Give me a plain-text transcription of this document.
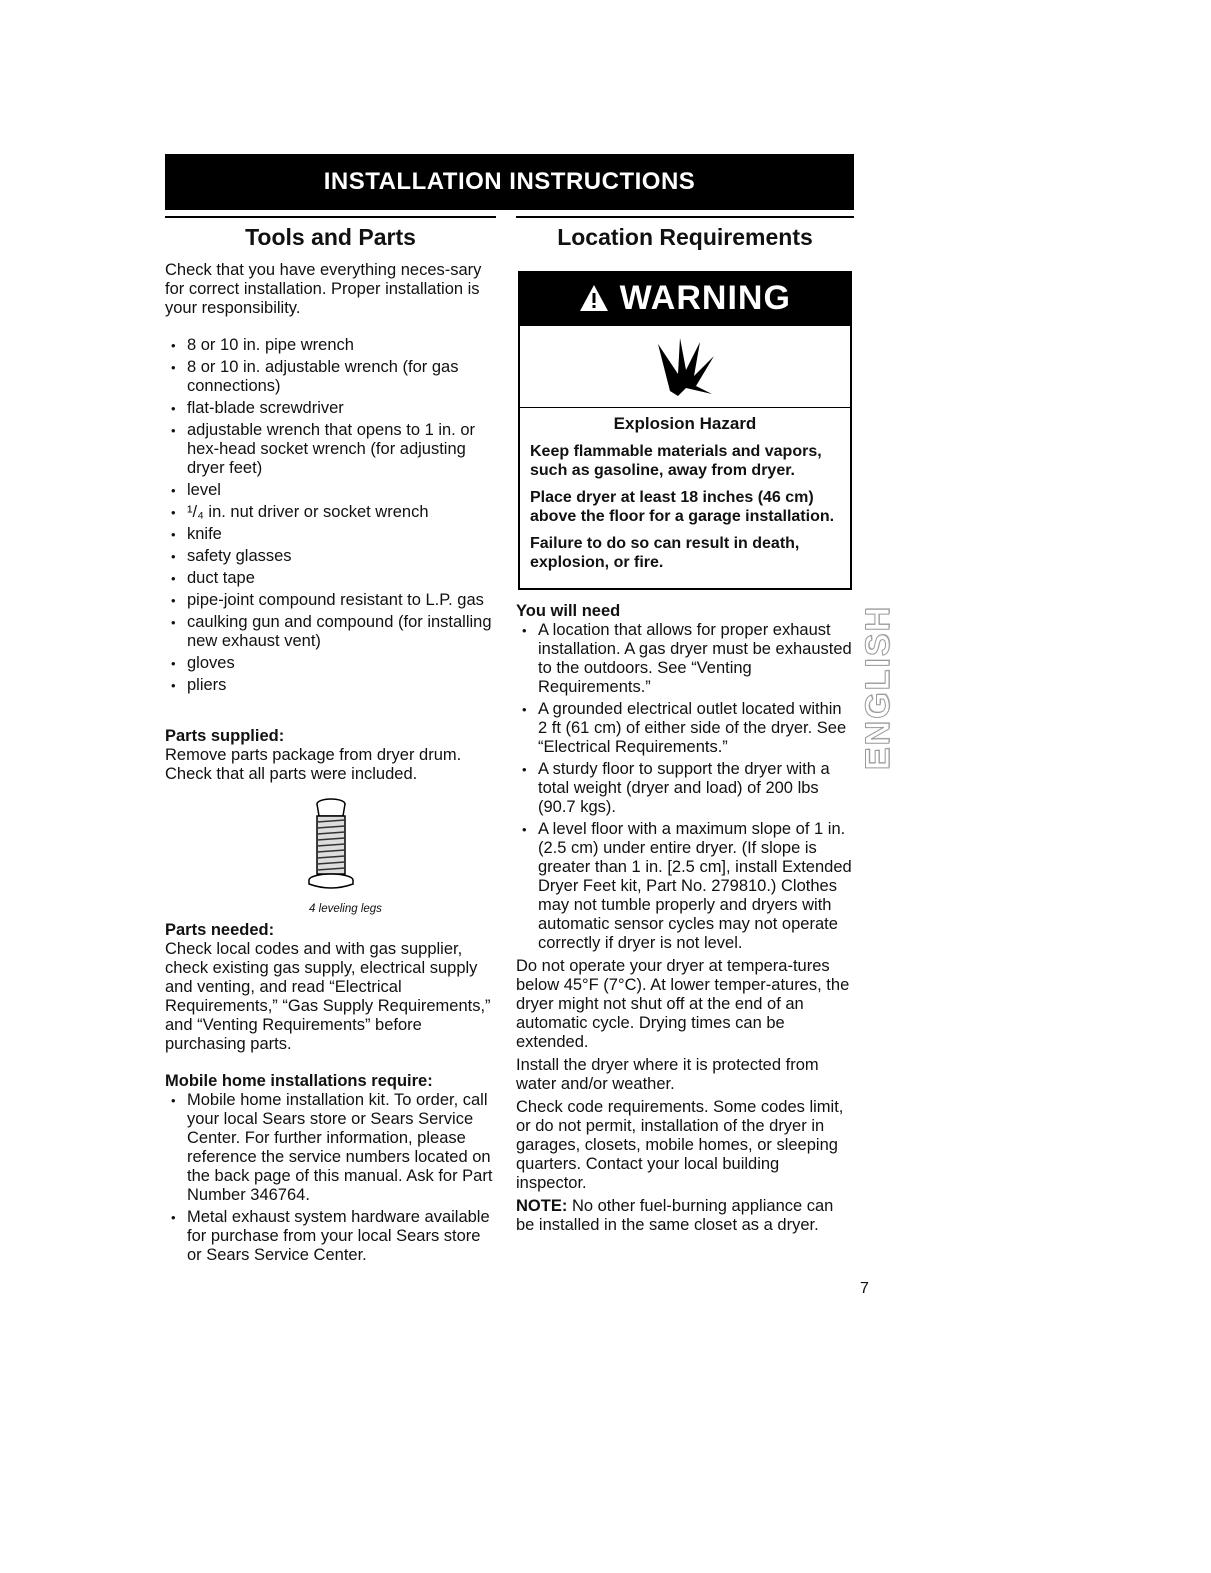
INSTALLATION INSTRUCTIONS
Tools and Parts

Check that you have everything neces-sary for correct installation. Proper installation is your responsibility.

• 8 or 10 in. pipe wrench
• 8 or 10 in. adjustable wrench (for gas connections)
• flat-blade screwdriver
• adjustable wrench that opens to 1 in. or hex-head socket wrench (for adjusting dryer feet)
• level
• ¹/₄ in. nut driver or socket wrench
• knife
• safety glasses
• duct tape
• pipe-joint compound resistant to L.P. gas
• caulking gun and compound (for installing new exhaust vent)
• gloves
• pliers
Parts supplied:

Remove parts package from dryer drum. Check that all parts were included.

4 leveling legs
Parts needed:

Check local codes and with gas supplier, check existing gas supply, electrical supply and venting, and read “Electrical Requirements,” “Gas Supply Requirements,” and “Venting Requirements” before purchasing parts.

Mobile home installations require:
• Mobile home installation kit. To order, call your local Sears store or Sears Service Center. For further information, please reference the service numbers located on the back page of this manual. Ask for Part Number 346764.
• Metal exhaust system hardware available for purchase from your local Sears store or Sears Service Center.
Location Requirements
WARNING
Explosion Hazard
Keep flammable materials and vapors, such as gasoline, away from dryer.
Place dryer at least 18 inches (46 cm) above the floor for a garage installation.
Failure to do so can result in death, explosion, or fire.
You will need
• A location that allows for proper exhaust installation. A gas dryer must be exhausted to the outdoors. See “Venting Requirements.”
• A grounded electrical outlet located within 2 ft (61 cm) of either side of the dryer. See “Electrical Requirements.”
• A sturdy floor to support the dryer with a total weight (dryer and load) of 200 lbs (90.7 kgs).
• A level floor with a maximum slope of 1 in. (2.5 cm) under entire dryer. (If slope is greater than 1 in. [2.5 cm], install Extended Dryer Feet kit, Part No. 279810.) Clothes may not tumble properly and dryers with automatic sensor cycles may not operate correctly if dryer is not level.

Do not operate your dryer at tempera-tures below 45°F (7°C). At lower temper-atures, the dryer might not shut off at the end of an automatic cycle. Drying times can be extended.

Install the dryer where it is protected from water and/or weather.

Check code requirements. Some codes limit, or do not permit, installation of the dryer in garages, closets, mobile homes, or sleeping quarters. Contact your local building inspector.

NOTE: No other fuel-burning appliance can be installed in the same closet as a dryer.

ENGLISH
7
